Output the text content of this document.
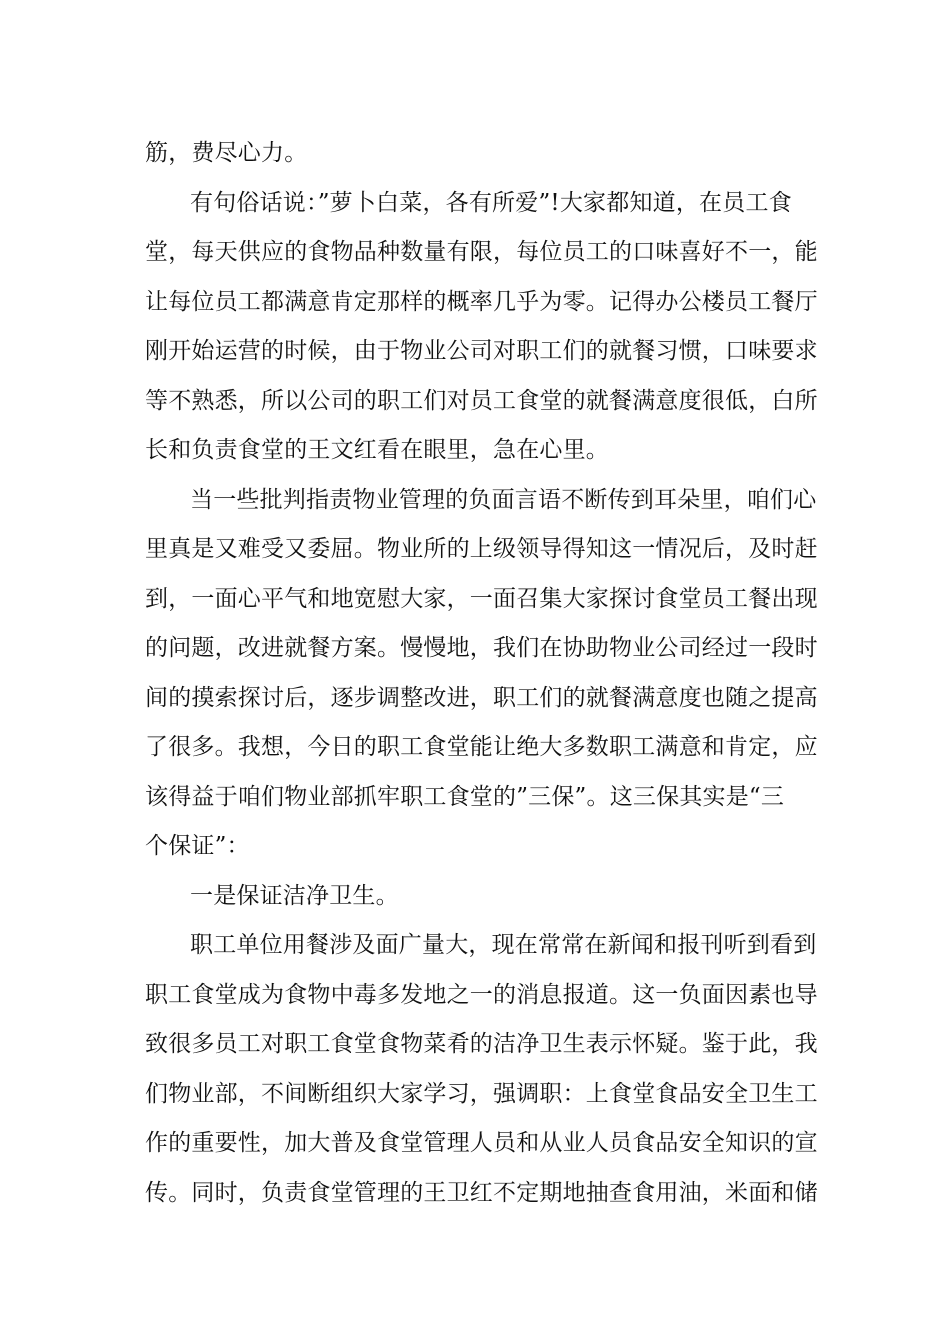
筋，费尽心力。
有句俗话说：”萝卜白菜，各有所爱”!大家都知道，在员工食
堂，每天供应的食物品种数量有限，每位员工的口味喜好不一，能
让每位员工都满意肯定那样的概率几乎为零。记得办公楼员工餐厅
刚开始运营的时候，由于物业公司对职工们的就餐习惯，口味要求
等不熟悉，所以公司的职工们对员工食堂的就餐满意度很低，白所
长和负责食堂的王文红看在眼里，急在心里。
当一些批判指责物业管理的负面言语不断传到耳朵里，咱们心
里真是又难受又委屈。物业所的上级领导得知这一情况后，及时赶
到，一面心平气和地宽慰大家，一面召集大家探讨食堂员工餐出现
的问题，改进就餐方案。慢慢地，我们在协助物业公司经过一段时
间的摸索探讨后，逐步调整改进，职工们的就餐满意度也随之提高
了很多。我想，今日的职工食堂能让绝大多数职工满意和肯定，应
该得益于咱们物业部抓牢职工食堂的”三保”。这三保其实是“三
个保证”：
一是保证洁净卫生。
职工单位用餐涉及面广量大，现在常常在新闻和报刊听到看到
职工食堂成为食物中毒多发地之一的消息报道。这一负面因素也导
致很多员工对职工食堂食物菜肴的洁净卫生表示怀疑。鉴于此，我
们物业部，不间断组织大家学习，强调职：上食堂食品安全卫生工
作的重要性，加大普及食堂管理人员和从业人员食品安全知识的宣
传。同时，负责食堂管理的王卫红不定期地抽查食用油，米面和储
